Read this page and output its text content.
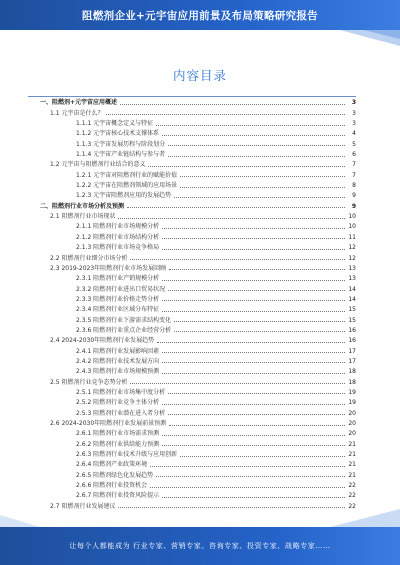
阻燃剂企业+元宇宙应用前景及布局策略研究报告
内容目录
一、阻燃剂+元宇宙应用概述	3
1.1 元宇宙是什么？	3
1.1.1 元宇宙概念定义与特征	3
1.1.2 元宇宙核心技术支撑体系	4
1.1.3 元宇宙发展历程与阶段划分	5
1.1.4 元宇宙产业链结构与参与者	6
1.2 元宇宙与阻燃剂行业结合的意义	7
1.2.1 元宇宙对阻燃剂行业的赋能价值	7
1.2.2 元宇宙在阻燃剂领域的应用场景	8
1.2.3 元宇宙阻燃剂应用的发展趋势	9
二、阻燃剂行业市场分析及预测	9
2.1 阻燃剂行业市场现状	10
2.1.1 阻燃剂行业市场规模分析	10
2.1.2 阻燃剂行业市场结构分析	11
2.1.3 阻燃剂行业市场竞争格局	12
2.2 阻燃剂行业细分市场分析	12
2.3 2019-2023年阻燃剂行业市场发展回顾	13
2.3.1 阻燃剂行业产销规模分析	13
2.3.2 阻燃剂行业进出口贸易状况	14
2.3.3 阻燃剂行业价格走势分析	14
2.3.4 阻燃剂行业区域分布特征	15
2.3.5 阻燃剂行业下游需求结构变化	15
2.3.6 阻燃剂行业重点企业经营分析	16
2.4 2024-2030年阻燃剂行业发展趋势	16
2.4.1 阻燃剂行业发展影响因素	17
2.4.2 阻燃剂行业技术发展方向	17
2.4.3 阻燃剂行业市场规模预测	18
2.5 阻燃剂行业竞争态势分析	18
2.5.1 阻燃剂行业市场集中度分析	19
2.5.2 阻燃剂行业竞争主体分析	19
2.5.3 阻燃剂行业潜在进入者分析	20
2.6 2024-2030年阻燃剂行业发展前景预测	20
2.6.1 阻燃剂行业市场需求预测	20
2.6.2 阻燃剂行业供给能力预测	21
2.6.3 阻燃剂行业技术升级与应用创新	21
2.6.4 阻燃剂产业政策环境	21
2.6.5 阻燃剂绿色化发展趋势	21
2.6.6 阻燃剂行业投资机会	22
2.6.7 阻燃剂行业投资风险提示	22
2.7 阻燃剂行业发展建议	22
让每个人都能成为 行业专家、营销专家、咨询专家、投资专家、战略专家……
